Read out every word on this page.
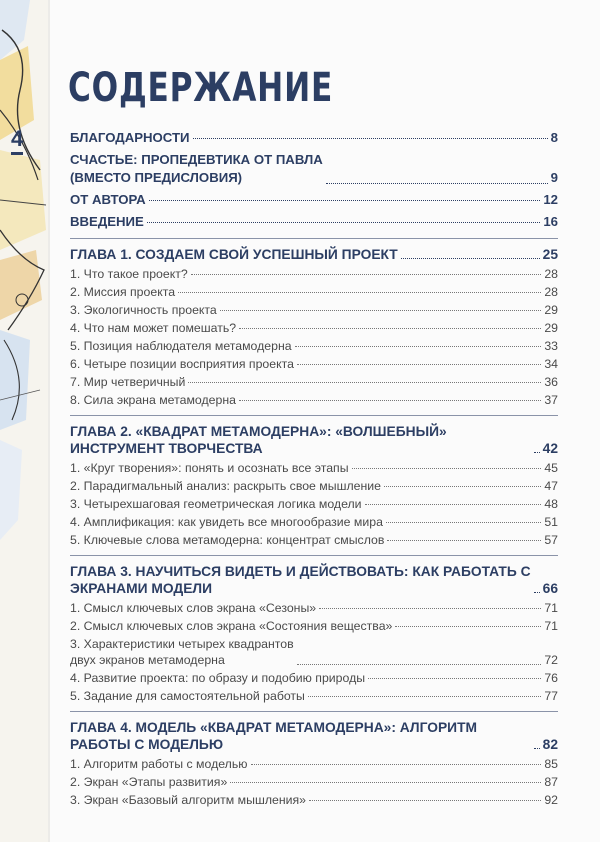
4
СОДЕРЖАНИЕ
БЛАГОДАРНОСТИ	8
СЧАСТЬЕ: ПРОПЕДЕВТИКА ОТ ПАВЛА
(ВМЕСТО ПРЕДИСЛОВИЯ)	9
ОТ АВТОРА	12
ВВЕДЕНИЕ	16
ГЛАВА 1. СОЗДАЕМ СВОЙ УСПЕШНЫЙ ПРОЕКТ	25
1. Что такое проект?	28
2. Миссия проекта	28
3. Экологичность проекта	29
4. Что нам может помешать?	29
5. Позиция наблюдателя метамодерна	33
6. Четыре позиции восприятия проекта	34
7. Мир четверичный	36
8. Сила экрана метамодерна	37
ГЛАВА 2. «КВАДРАТ МЕТАМОДЕРНА»: «ВОЛШЕБНЫЙ» ИНСТРУМЕНТ ТВОРЧЕСТВА	42
1. «Круг творения»: понять и осознать все этапы	45
2. Парадигмальный анализ: раскрыть свое мышление	47
3. Четырехшаговая геометрическая логика модели	48
4. Амплификация: как увидеть все многообразие мира	51
5. Ключевые слова метамодерна: концентрат смыслов	57
ГЛАВА 3. НАУЧИТЬСЯ ВИДЕТЬ И ДЕЙСТВОВАТЬ: КАК РАБОТАТЬ С ЭКРАНАМИ МОДЕЛИ	66
1. Смысл ключевых слов экрана «Сезоны»	71
2. Смысл ключевых слов экрана «Состояния вещества»	71
3. Характеристики четырех квадрантов
двух экранов метамодерна	72
4. Развитие проекта: по образу и подобию природы	76
5. Задание для самостоятельной работы	77
ГЛАВА 4. МОДЕЛЬ «КВАДРАТ МЕТАМОДЕРНА»: АЛГОРИТМ РАБОТЫ С МОДЕЛЬЮ	82
1. Алгоритм работы с моделью	85
2. Экран «Этапы развития»	87
3. Экран «Базовый алгоритм мышления»	92
